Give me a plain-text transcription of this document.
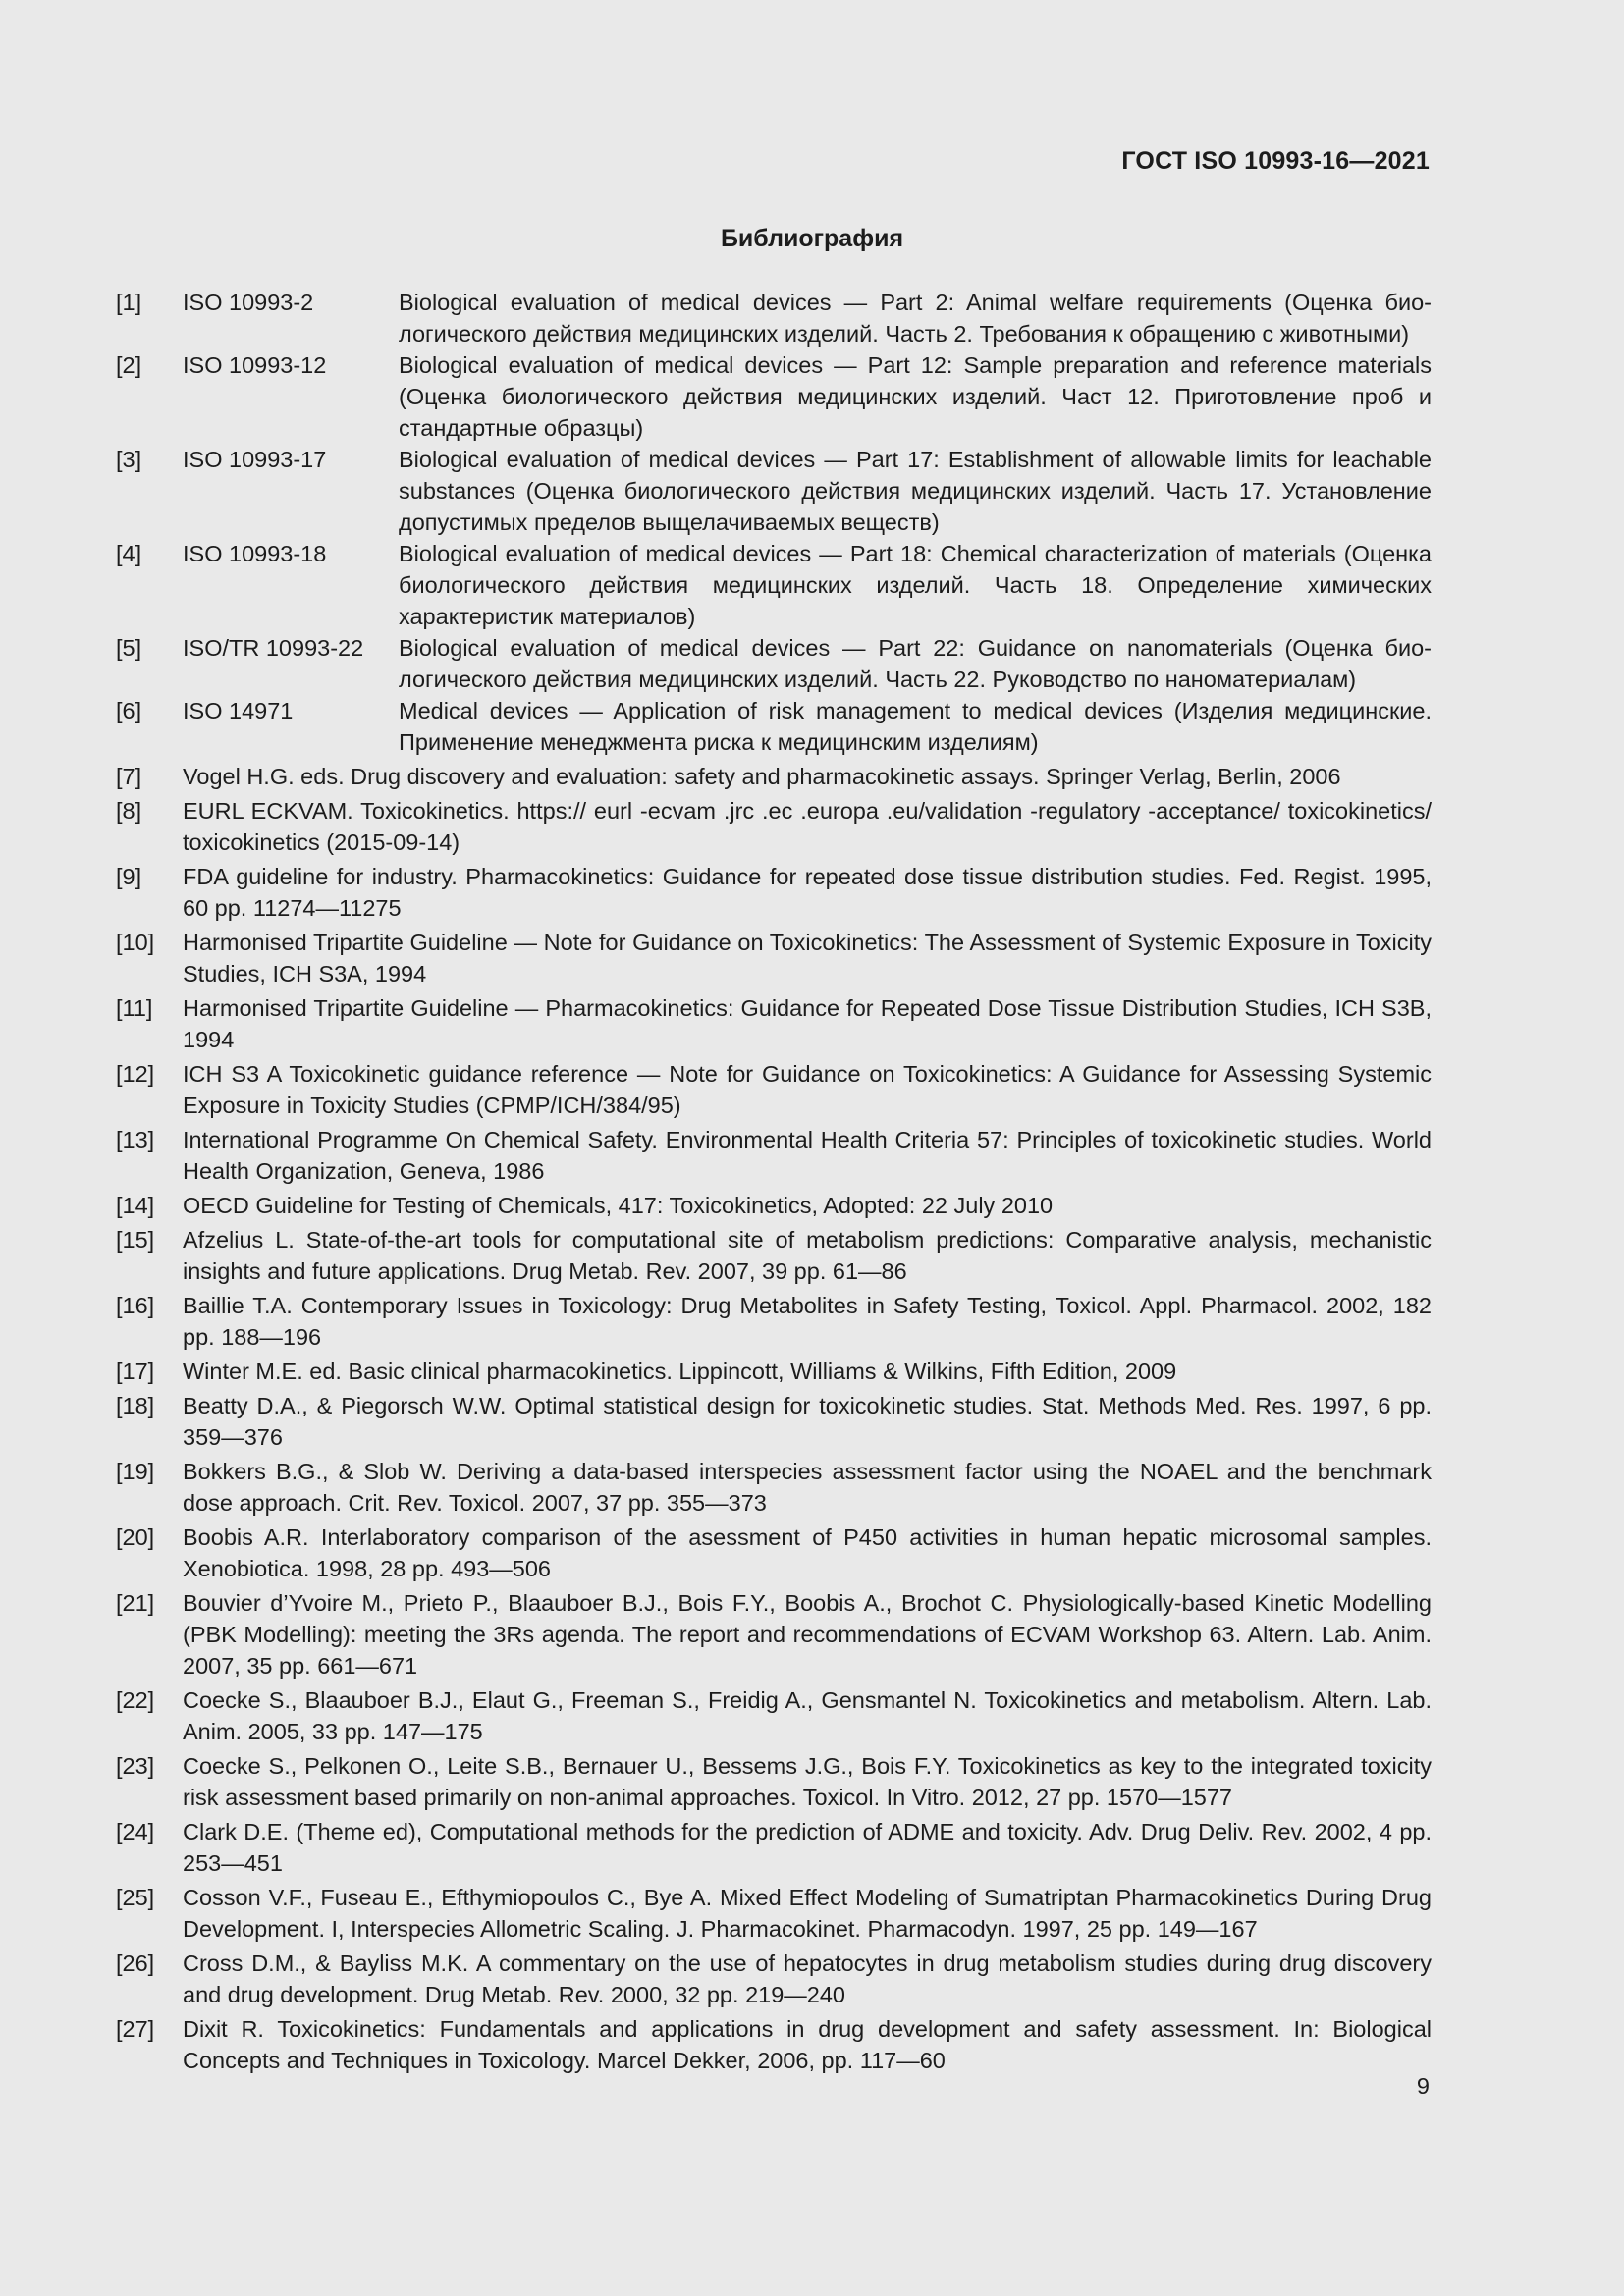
ГОСТ ISO 10993-16—2021
Библиография
[1]	ISO 10993-2	Biological evaluation of medical devices — Part 2: Animal welfare requirements (Оценка биологического действия медицинских изделий. Часть 2. Требования к обращению с животными)
[2]	ISO 10993-12	Biological evaluation of medical devices — Part 12: Sample preparation and reference materials (Оценка биологического действия медицинских изделий. Част 12. Приготовление проб и стандартные образцы)
[3]	ISO 10993-17	Biological evaluation of medical devices — Part 17: Establishment of allowable limits for leachable substances (Оценка биологического действия медицинских изделий. Часть 17. Установление допустимых пределов выщелачиваемых веществ)
[4]	ISO 10993-18	Biological evaluation of medical devices — Part 18: Chemical characterization of materials (Оценка биологического действия медицинских изделий. Часть 18. Определение химических характеристик материалов)
[5]	ISO/TR 10993-22	Biological evaluation of medical devices — Part 22: Guidance on nanomaterials (Оценка биологического действия медицинских изделий. Часть 22. Руководство по наноматериалам)
[6]	ISO 14971	Medical devices — Application of risk management to medical devices (Изделия медицинские. Применение менеджмента риска к медицинским изделиям)
[7]	Vogel H.G. eds. Drug discovery and evaluation: safety and pharmacokinetic assays. Springer Verlag, Berlin, 2006
[8]	EURL ECKVAM. Toxicokinetics. https:// eurl -ecvam .jrc .ec .europa .eu/validation -regulatory -acceptance/ toxicokinetics/ toxicokinetics (2015-09-14)
[9]	FDA guideline for industry. Pharmacokinetics: Guidance for repeated dose tissue distribution studies. Fed. Regist. 1995, 60 pp. 11274—11275
[10]	Harmonised Tripartite Guideline — Note for Guidance on Toxicokinetics: The Assessment of Systemic Exposure in Toxicity Studies, ICH S3A, 1994
[11]	Harmonised Tripartite Guideline — Pharmacokinetics: Guidance for Repeated Dose Tissue Distribution Studies, ICH S3B, 1994
[12]	ICH S3 A Toxicokinetic guidance reference — Note for Guidance on Toxicokinetics: A Guidance for Assessing Systemic Exposure in Toxicity Studies (CPMP/ICH/384/95)
[13]	International Programme On Chemical Safety. Environmental Health Criteria 57: Principles of toxicokinetic studies. World Health Organization, Geneva, 1986
[14]	OECD Guideline for Testing of Chemicals, 417: Toxicokinetics, Adopted: 22 July 2010
[15]	Afzelius L. State-of-the-art tools for computational site of metabolism predictions: Comparative analysis, mechanistic insights and future applications. Drug Metab. Rev. 2007, 39 pp. 61—86
[16]	Baillie T.A. Contemporary Issues in Toxicology: Drug Metabolites in Safety Testing, Toxicol. Appl. Pharmacol. 2002, 182 pp. 188—196
[17]	Winter M.E. ed. Basic clinical pharmacokinetics. Lippincott, Williams & Wilkins, Fifth Edition, 2009
[18]	Beatty D.A., & Piegorsch W.W. Optimal statistical design for toxicokinetic studies. Stat. Methods Med. Res. 1997, 6 pp. 359—376
[19]	Bokkers B.G., & Slob W. Deriving a data-based interspecies assessment factor using the NOAEL and the benchmark dose approach. Crit. Rev. Toxicol. 2007, 37 pp. 355—373
[20]	Boobis A.R. Interlaboratory comparison of the asessment of P450 activities in human hepatic microsomal samples. Xenobiotica. 1998, 28 pp. 493—506
[21]	Bouvier d’Yvoire M., Prieto P., Blaauboer B.J., Bois F.Y., Boobis A., Brochot C. Physiologically-based Kinetic Modelling (PBK Modelling): meeting the 3Rs agenda. The report and recommendations of ECVAM Workshop 63. Altern. Lab. Anim. 2007, 35 pp. 661—671
[22]	Coecke S., Blaauboer B.J., Elaut G., Freeman S., Freidig A., Gensmantel N. Toxicokinetics and metabolism. Altern. Lab. Anim. 2005, 33 pp. 147—175
[23]	Coecke S., Pelkonen O., Leite S.B., Bernauer U., Bessems J.G., Bois F.Y. Toxicokinetics as key to the integrated toxicity risk assessment based primarily on non-animal approaches. Toxicol. In Vitro. 2012, 27 pp. 1570—1577
[24]	Clark D.E. (Theme ed), Computational methods for the prediction of ADME and toxicity. Adv. Drug Deliv. Rev. 2002, 4 pp. 253—451
[25]	Cosson V.F., Fuseau E., Efthymiopoulos C., Bye A. Mixed Effect Modeling of Sumatriptan Pharmacokinetics During Drug Development. I, Interspecies Allometric Scaling. J. Pharmacokinet. Pharmacodyn. 1997, 25 pp. 149—167
[26]	Cross D.M., & Bayliss M.K. A commentary on the use of hepatocytes in drug metabolism studies during drug discovery and drug development. Drug Metab. Rev. 2000, 32 pp. 219—240
[27]	Dixit R. Toxicokinetics: Fundamentals and applications in drug development and safety assessment. In: Biological Concepts and Techniques in Toxicology. Marcel Dekker, 2006, pp. 117—60
9
